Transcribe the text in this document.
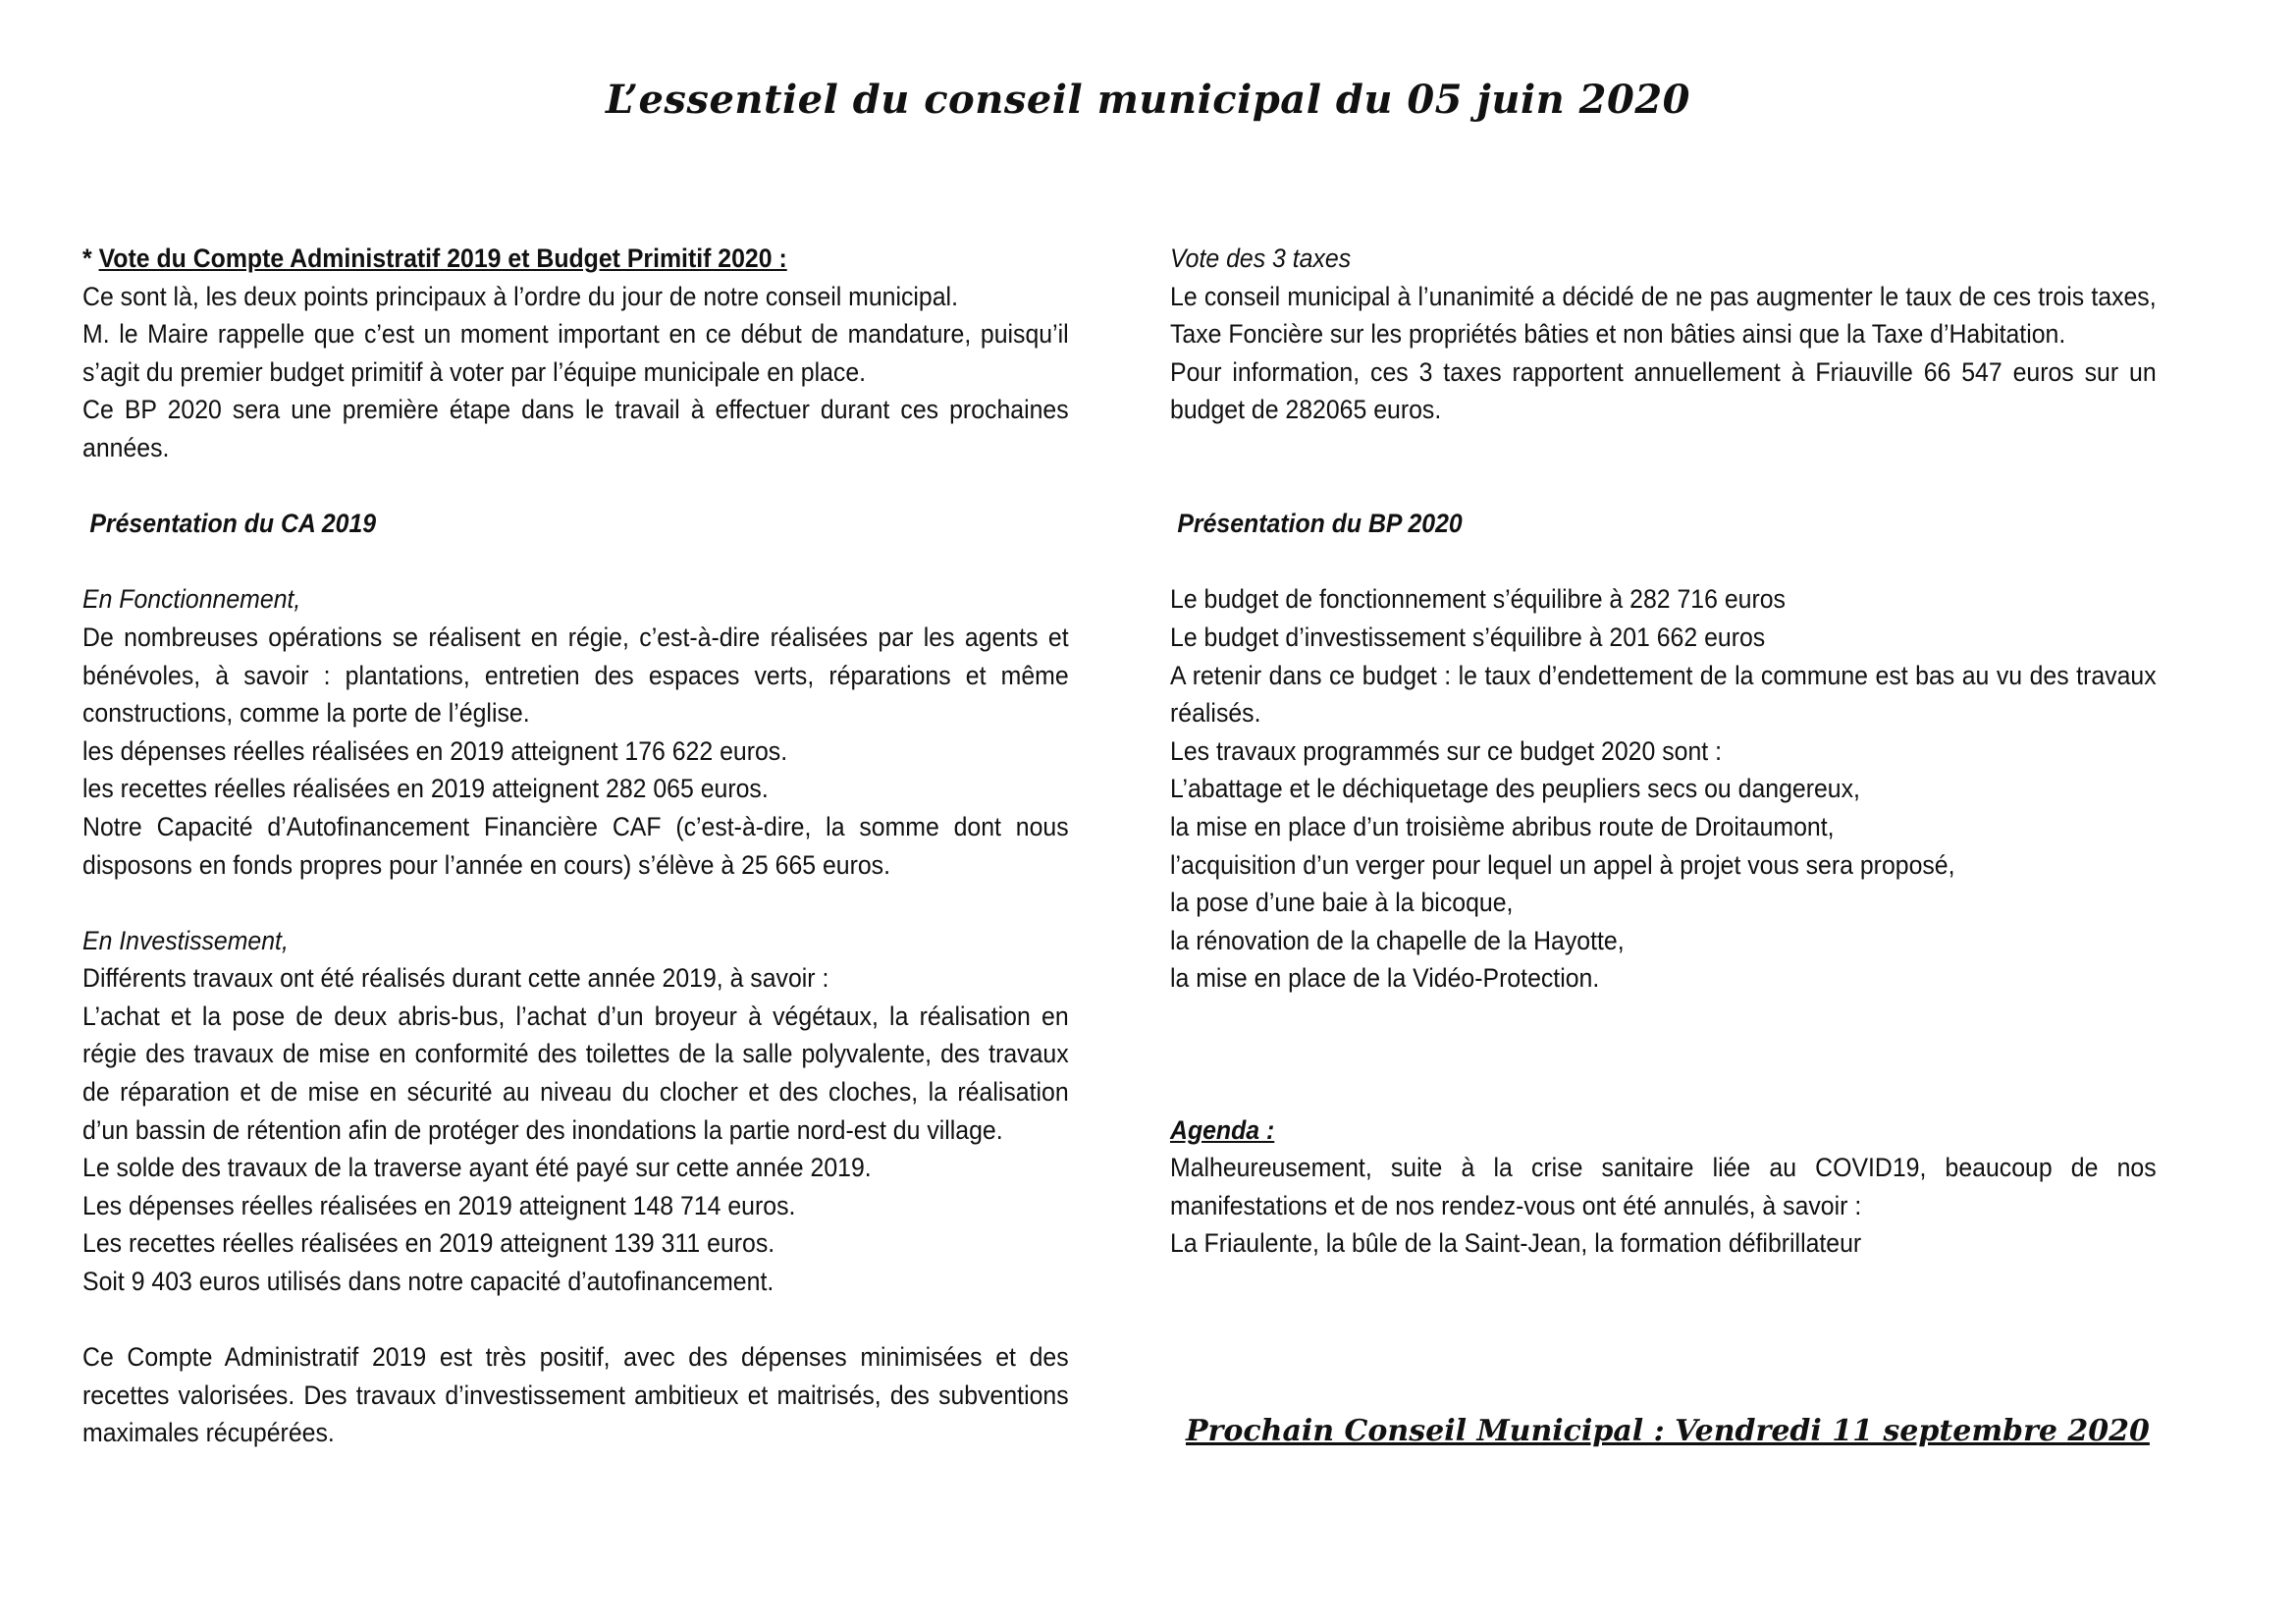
L’essentiel du conseil municipal du 05 juin 2020

* Vote du Compte Administratif 2019 et Budget Primitif 2020 :

Ce sont là, les deux points principaux à l’ordre du jour de notre conseil municipal.

M. le Maire rappelle que c’est un moment important en ce début de mandature, puisqu’il s’agit du premier budget primitif à voter par l’équipe municipale en place.

Ce BP 2020 sera une première étape dans le travail à effectuer durant ces prochaines années.

Présentation du CA 2019

En Fonctionnement,

De nombreuses opérations se réalisent en régie, c’est-à-dire réalisées par les agents et bénévoles, à savoir : plantations, entretien des espaces verts, réparations et même constructions, comme la porte de l’église.

les dépenses réelles réalisées en 2019 atteignent 176 622 euros.

les recettes réelles réalisées en 2019 atteignent 282 065 euros.

Notre Capacité d’Autofinancement Financière CAF (c’est-à-dire, la somme dont nous disposons en fonds propres pour l’année en cours) s’élève à 25 665 euros.

En Investissement,

Différents travaux ont été réalisés durant cette année 2019, à savoir :

L’achat et la pose de deux abris-bus, l’achat d’un broyeur à végétaux, la réalisation en régie des travaux de mise en conformité des toilettes de la salle polyvalente, des travaux de réparation et de mise en sécurité au niveau du clocher et des cloches, la réalisation d’un bassin de rétention afin de protéger des inondations la partie nord-est du village.

Le solde des travaux de la traverse ayant été payé sur cette année 2019.

Les dépenses réelles réalisées en 2019 atteignent 148 714 euros.

Les recettes réelles réalisées en 2019 atteignent 139 311 euros.

Soit 9 403 euros utilisés dans notre capacité d’autofinancement.

Ce Compte Administratif 2019 est très positif, avec des dépenses minimisées et des recettes valorisées. Des travaux d’investissement ambitieux et maitrisés, des subventions maximales récupérées.

Vote des 3 taxes

Le conseil municipal à l’unanimité a décidé de ne pas augmenter le taux de ces trois taxes, Taxe Foncière sur les propriétés bâties et non bâties ainsi que la Taxe d’Habitation.

Pour information, ces 3 taxes rapportent annuellement à Friauville 66 547 euros sur un budget de 282065 euros.

Présentation du BP 2020

Le budget de fonctionnement s’équilibre à 282 716 euros

Le budget d’investissement s’équilibre à 201 662 euros

A retenir dans ce budget : le taux d’endettement de la commune est bas au vu des travaux réalisés.

Les travaux programmés sur ce budget 2020 sont :

L’abattage et le déchiquetage des peupliers secs ou dangereux,

la mise en place d’un troisième abribus route de Droitaumont,

l’acquisition d’un verger pour lequel un appel à projet vous sera proposé,

la pose d’une baie à la bicoque,

la rénovation de la chapelle de la Hayotte,

la mise en place de la Vidéo-Protection.

Agenda :

Malheureusement, suite à la crise sanitaire liée au COVID19, beaucoup de nos manifestations et de nos rendez-vous ont été annulés, à savoir :

La Friaulente, la bûle de la Saint-Jean, la formation défibrillateur

Prochain Conseil Municipal : Vendredi 11 septembre 2020
